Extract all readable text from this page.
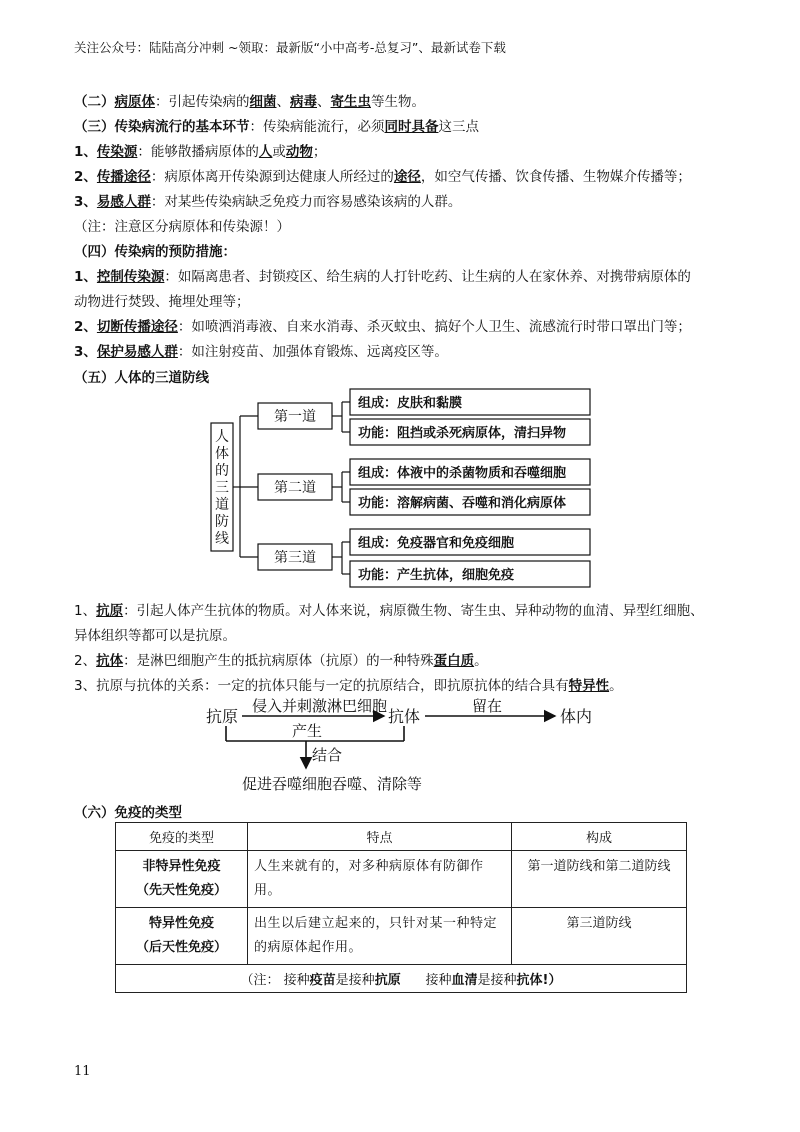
关注公众号：陆陆高分冲刺 ~领取：最新版“小中高考-总复习”、最新试卷下载
（二）病原体：引起传染病的细菌、病毒、寄生虫等生物。
（三）传染病流行的基本环节：传染病能流行，必须同时具备这三点
1、传染源：能够散播病原体的人或动物；
2、传播途径：病原体离开传染源到达健康人所经过的途径，如空气传播、饮食传播、生物媒介传播等；
3、易感人群：对某些传染病缺乏免疫力而容易感染该病的人群。
（注：注意区分病原体和传染源！）
（四）传染病的预防措施：
1、控制传染源：如隔离患者、封锁疫区、给生病的人打针吃药、让生病的人在家休养、对携带病原体的
动物进行焚毁、掩埋处理等；
2、切断传播途径：如喷洒消毒液、自来水消毒、杀灭蚊虫、搞好个人卫生、流感流行时带口罩出门等；
3、保护易感人群：如注射疫苗、加强体育锻炼、远离疫区等。
（五）人体的三道防线
人
体
的
三
道
防
线
第一道
第二道
第三道
组成：皮肤和黏膜
功能：阻挡或杀死病原体，清扫异物
组成：体液中的杀菌物质和吞噬细胞
功能：溶解病菌、吞噬和消化病原体
组成：免疫器官和免疫细胞
功能：产生抗体，细胞免疫
1、抗原：引起人体产生抗体的物质。对人体来说，病原微生物、寄生虫、异种动物的血清、异型红细胞、
异体组织等都可以是抗原。
2、抗体：是淋巴细胞产生的抵抗病原体（抗原）的一种特殊蛋白质。
3、抗原与抗体的关系：一定的抗体只能与一定的抗原结合，即抗原抗体的结合具有特异性。
抗原
侵入并刺激淋巴细胞
抗体
留在
体内
产生
结合
促进吞噬细胞吞噬、清除等
（六）免疫的类型
免疫的类型	特点	构成

非特异性免疫
（先天性免疫）	人生来就有的，对多种病原体有防御作用。	第一道防线和第二道防线

特异性免疫
（后天性免疫）	出生以后建立起来的，只针对某一种特定的病原体起作用。	第三道防线
（注： 接种疫苗是接种抗原      接种血清是接种抗体!）		
11
